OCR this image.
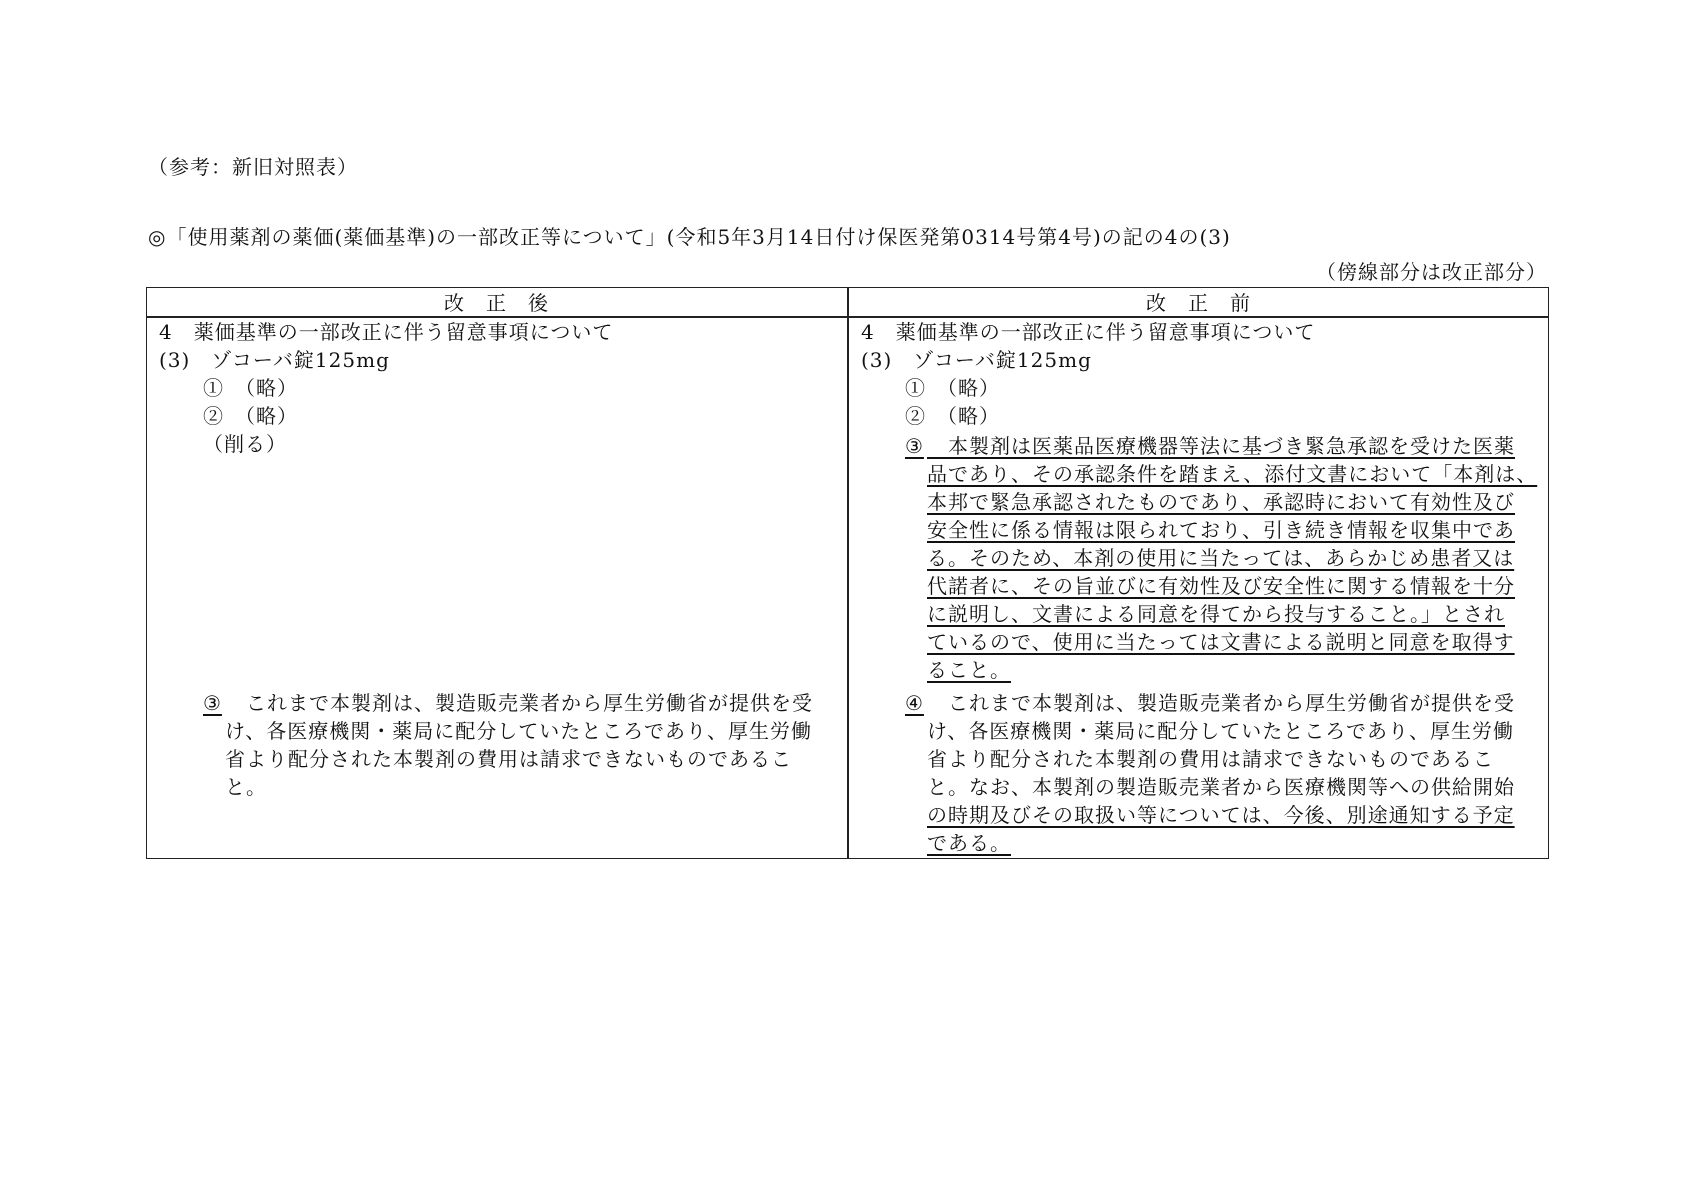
（参考：新旧対照表）
◎「使用薬剤の薬価(薬価基準)の一部改正等について」(令和5年3月14日付け保医発第0314号第4号)の記の4の(3)
（傍線部分は改正部分）
改　正　後	改　正　前
4　薬価基準の一部改正に伴う留意事項について
(3)　ゾコーバ錠125mg
①　（略）
②　（略）
（削る）
③ 　これまで本製剤は、製造販売業者から厚生労働省が提供を受
け、各医療機関・薬局に配分していたところであり、厚生労働
省より配分された本製剤の費用は請求できないものであるこ
と。
4　薬価基準の一部改正に伴う留意事項について
(3)　ゾコーバ錠125mg
①　（略）
②　（略）
③ 　本製剤は医薬品医療機器等法に基づき緊急承認を受けた医薬
品であり、その承認条件を踏まえ、添付文書において「本剤は、
本邦で緊急承認されたものであり、承認時において有効性及び
安全性に係る情報は限られており、引き続き情報を収集中であ
る。そのため、本剤の使用に当たっては、あらかじめ患者又は
代諾者に、その旨並びに有効性及び安全性に関する情報を十分
に説明し、文書による同意を得てから投与すること。」とされ
ているので、使用に当たっては文書による説明と同意を取得す
ること。
④ 　これまで本製剤は、製造販売業者から厚生労働省が提供を受
け、各医療機関・薬局に配分していたところであり、厚生労働
省より配分された本製剤の費用は請求できないものであるこ
と。なお、本製剤の製造販売業者から医療機関等への供給開始
の時期及びその取扱い等については、今後、別途通知する予定
である。
